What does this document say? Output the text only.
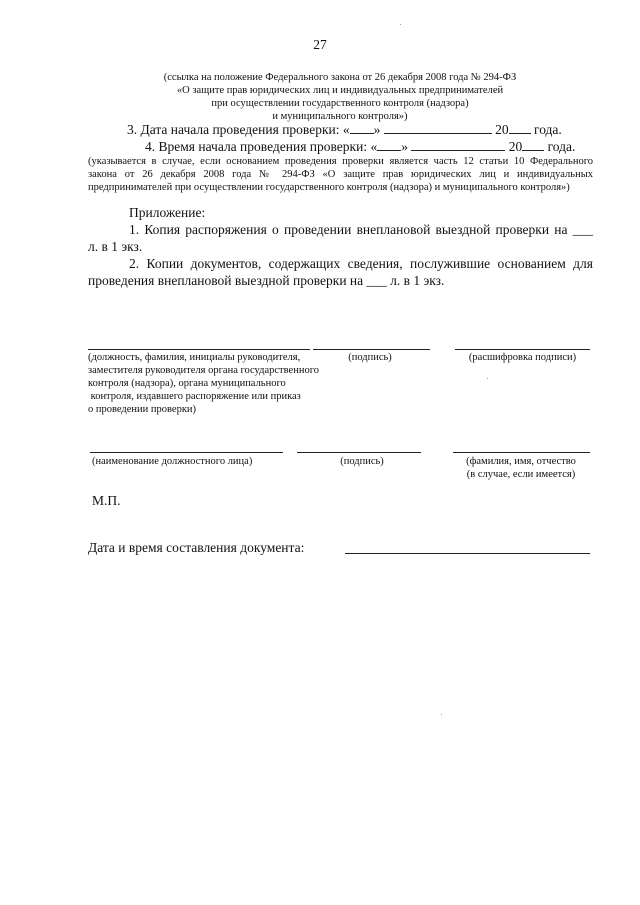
27
(ссылка на положение Федерального закона от 26 декабря 2008 года № 294-ФЗ
«О защите прав юридических лиц и индивидуальных предпринимателей
при осуществлении государственного контроля (надзора)
и муниципального контроля»)
3. Дата начала проведения проверки: « »	20 года.
4. Время начала проведения проверки: « »	20 года.
(указывается в случае, если основанием проведения проверки является часть 12 статьи 10 Федерального
закона от 26 декабря 2008 года № 294-ФЗ «О защите прав юридических лиц и индивидуальных
предпринимателей при осуществлении государственного контроля (надзора) и муниципального контроля»)
Приложение:
1. Копия распоряжения о проведении внеплановой выездной проверки на ___
л. в 1 экз.
2. Копии документов, содержащих сведения, послужившие основанием для
проведения внеплановой выездной проверки на ___ л. в 1 экз.
(должность, фамилия, инициалы руководителя,
заместителя руководителя органа государственного
контроля (надзора), органа муниципального
контроля, издавшего распоряжение или приказ
о проведении проверки)
(подпись)	(расшифровка подписи)
(наименование должностного лица)	(подпись)	(фамилия, имя, отчество
(в случае, если имеется)
М.П.
Дата и время составления документа:
